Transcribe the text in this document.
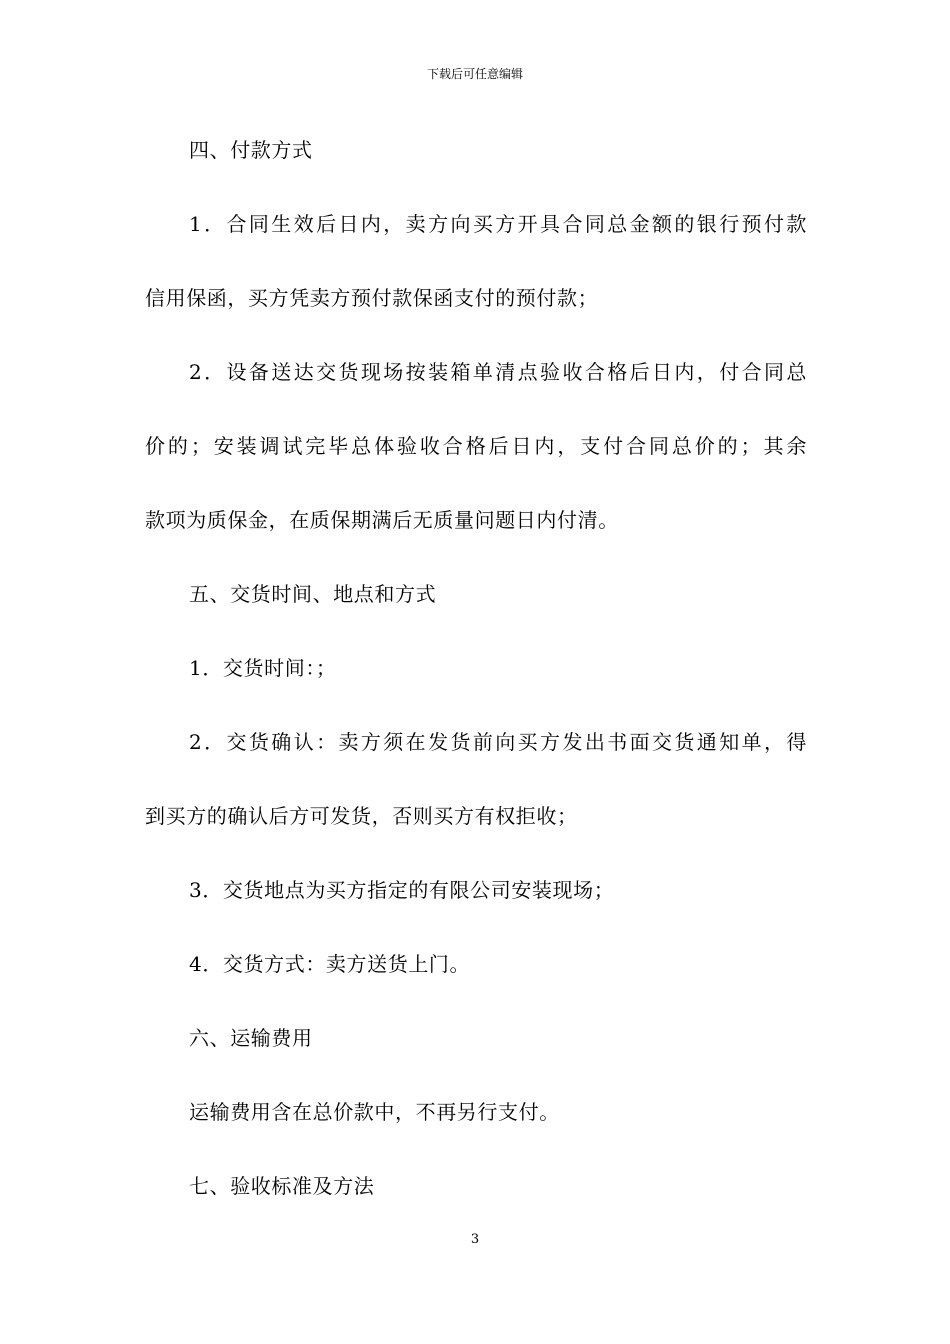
下载后可任意编辑
四、付款方式
1．合同生效后日内，卖方向买方开具合同总金额的银行预付款
信用保函，买方凭卖方预付款保函支付的预付款；
2．设备送达交货现场按装箱单清点验收合格后日内，付合同总
价的；安装调试完毕总体验收合格后日内，支付合同总价的；其余
款项为质保金，在质保期满后无质量问题日内付清。
五、交货时间、地点和方式
1．交货时间：；
2．交货确认：卖方须在发货前向买方发出书面交货通知单，得
到买方的确认后方可发货，否则买方有权拒收；
3．交货地点为买方指定的有限公司安装现场；
4．交货方式：卖方送货上门。
六、运输费用
运输费用含在总价款中，不再另行支付。
七、验收标准及方法
3
